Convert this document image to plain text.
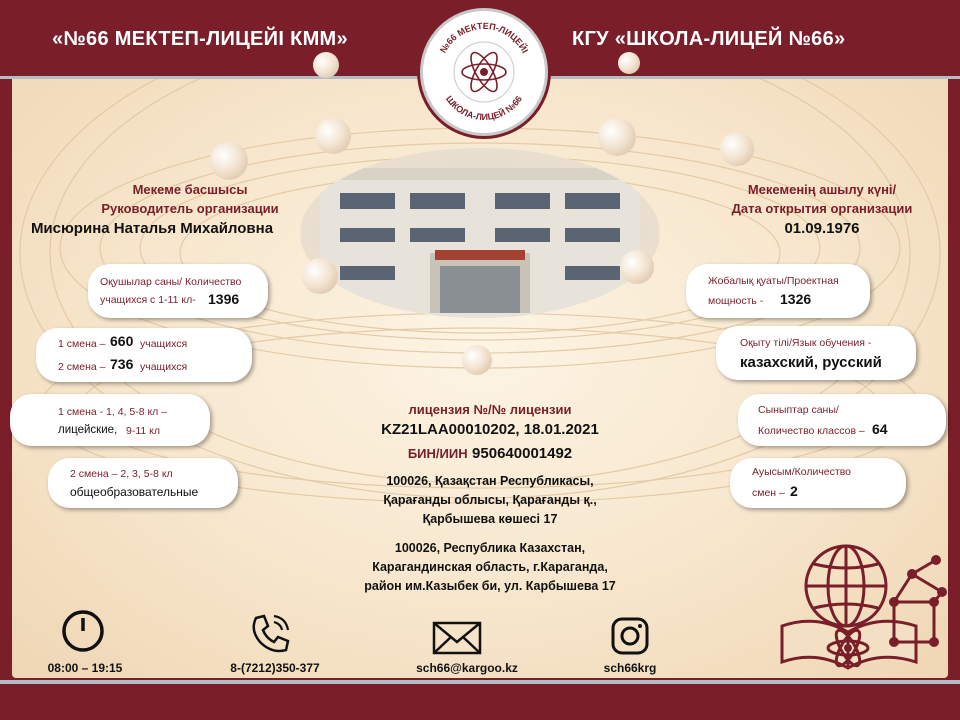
«№66 МЕКТЕП-ЛИЦЕЙІ КММ»	КГУ «ШКОЛА-ЛИЦЕЙ №66»
№66 МЕКТЕП-ЛИЦЕЙІ
ШКОЛА-ЛИЦЕЙ №66
Мекеме басшысы
Руководитель организации
Мисюрина Наталья Михайловна
Мекеменің ашылу күні/
Дата открытия организации
01.09.1976
Оқушылар саны/ Количество
учащихся с 1-11 кл- 1396
1 смена – 660 учащихся
2 смена – 736 учащихся
1 смена - 1, 4, 5-8 кл –
лицейские, 9-11 кл
2 смена – 2, 3, 5-8 кл
общеобразовательные
Жобалық қуаты/Проектная
мощность - 1326
Оқыту тілі/Язык обучения -
казахский, русский
Сыныптар саны/
Количество классов – 64
Ауысым/Количество
смен – 2
лицензия №/№ лицензии
KZ21LAA00010202, 18.01.2021
БИН/ИИН 950640001492
100026, Қазақстан Республикасы,
Қарағанды облысы, Қарағанды қ.,
Қарбышева көшесі 17
100026, Республика Казахстан,
Карагандинская область, г.Караганда,
район им.Казыбек би, ул. Карбышева 17
08:00 – 19:15	8-(7212)350-377	sch66@kargoo.kz	sch66krg
